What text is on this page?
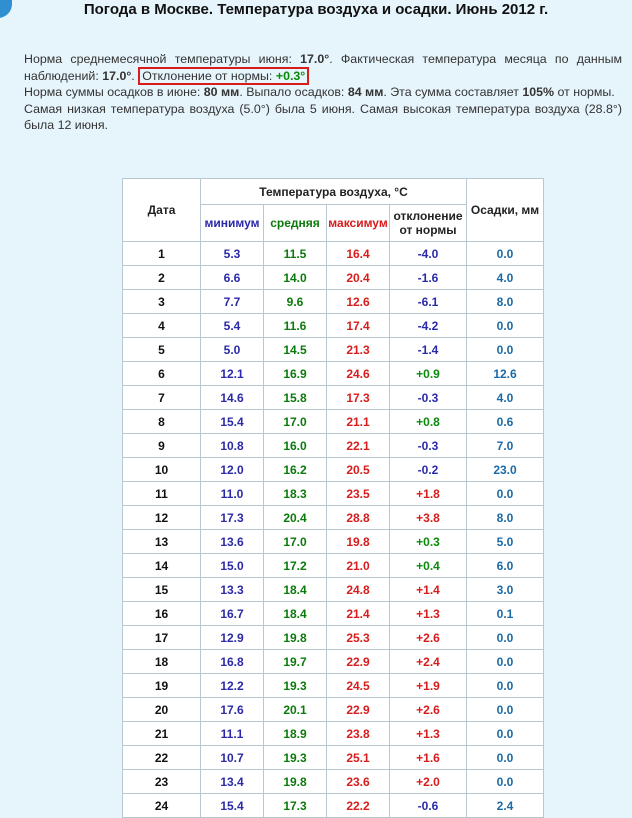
Погода в Москве. Температура воздуха и осадки. Июнь 2012 г.

Норма среднемесячной температуры июня: 17.0°. Фактическая температура месяца по данным наблюдений: 17.0°. Отклонение от нормы: +0.3°

Норма суммы осадков в июне: 80 мм. Выпало осадков: 84 мм. Эта сумма составляет 105% от нормы.

Самая низкая температура воздуха (5.0°) была 5 июня. Самая высокая температура воздуха (28.8°) была 12 июня.

Дата	Температура воздуха, °С				Осадки, мм
	минимум	средняя	максимум	отклонение от нормы	
1	5.3	11.5	16.4	-4.0	0.0
2	6.6	14.0	20.4	-1.6	4.0
3	7.7	9.6	12.6	-6.1	8.0
4	5.4	11.6	17.4	-4.2	0.0
5	5.0	14.5	21.3	-1.4	0.0
6	12.1	16.9	24.6	+0.9	12.6
7	14.6	15.8	17.3	-0.3	4.0
8	15.4	17.0	21.1	+0.8	0.6
9	10.8	16.0	22.1	-0.3	7.0
10	12.0	16.2	20.5	-0.2	23.0
11	11.0	18.3	23.5	+1.8	0.0
12	17.3	20.4	28.8	+3.8	8.0
13	13.6	17.0	19.8	+0.3	5.0
14	15.0	17.2	21.0	+0.4	6.0
15	13.3	18.4	24.8	+1.4	3.0
16	16.7	18.4	21.4	+1.3	0.1
17	12.9	19.8	25.3	+2.6	0.0
18	16.8	19.7	22.9	+2.4	0.0
19	12.2	19.3	24.5	+1.9	0.0
20	17.6	20.1	22.9	+2.6	0.0
21	11.1	18.9	23.8	+1.3	0.0
22	10.7	19.3	25.1	+1.6	0.0
23	13.4	19.8	23.6	+2.0	0.0
24	15.4	17.3	22.2	-0.6	2.4
